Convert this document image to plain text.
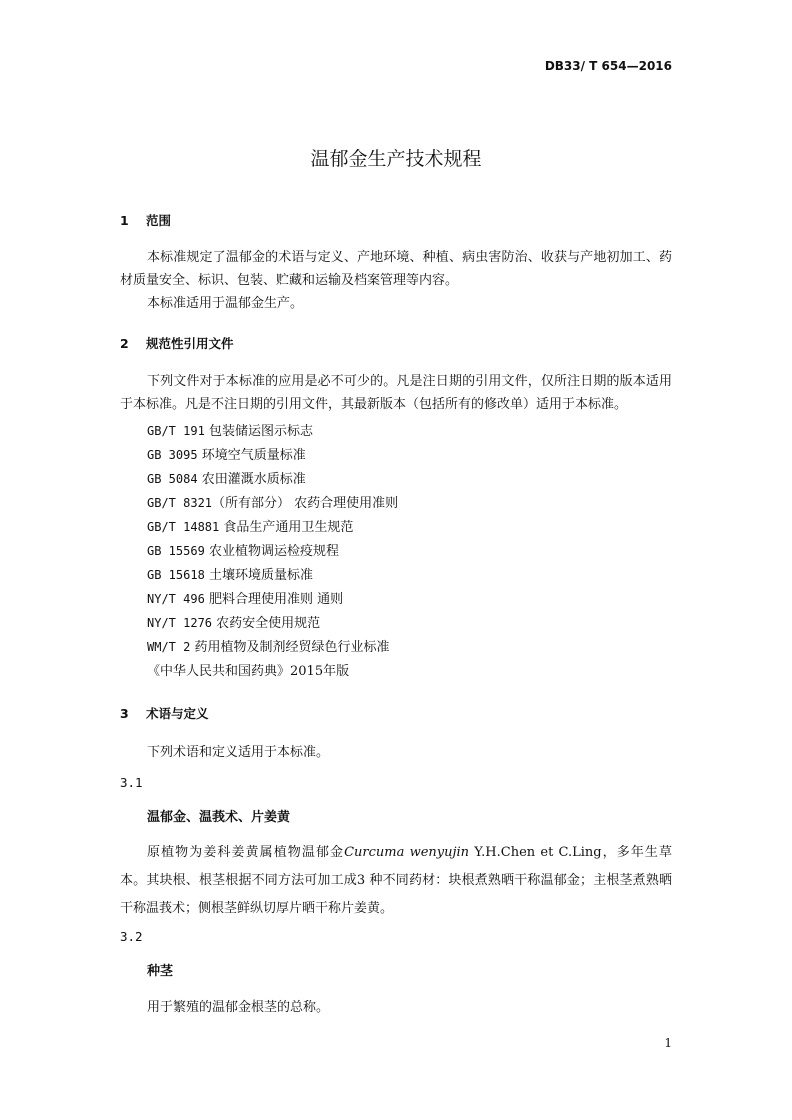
DB33/ T 654—2016
温郁金生产技术规程
1 范围
本标准规定了温郁金的术语与定义、产地环境、种植、病虫害防治、收获与产地初加工、药材质量安全、标识、包装、贮藏和运输及档案管理等内容。
本标准适用于温郁金生产。
2 规范性引用文件
下列文件对于本标准的应用是必不可少的。凡是注日期的引用文件，仅所注日期的版本适用于本标准。凡是不注日期的引用文件，其最新版本（包括所有的修改单）适用于本标准。
GB/T 191 包装储运图示标志
GB 3095 环境空气质量标准
GB 5084 农田灌溉水质标准
GB/T 8321（所有部分） 农药合理使用准则
GB/T 14881 食品生产通用卫生规范
GB 15569 农业植物调运检疫规程
GB 15618 土壤环境质量标准
NY/T 496 肥料合理使用准则 通则
NY/T 1276 农药安全使用规范
WM/T 2 药用植物及制剂经贸绿色行业标准
《中华人民共和国药典》2015年版
3 术语与定义
下列术语和定义适用于本标准。
3.1
温郁金、温莪术、片姜黄
原植物为姜科姜黄属植物温郁金Curcuma wenyujin Y.H.Chen et C.Ling，多年生草本。其块根、根茎根据不同方法可加工成3 种不同药材：块根煮熟晒干称温郁金；主根茎煮熟晒干称温莪术；侧根茎鲜纵切厚片晒干称片姜黄。
3.2
种茎
用于繁殖的温郁金根茎的总称。
1
